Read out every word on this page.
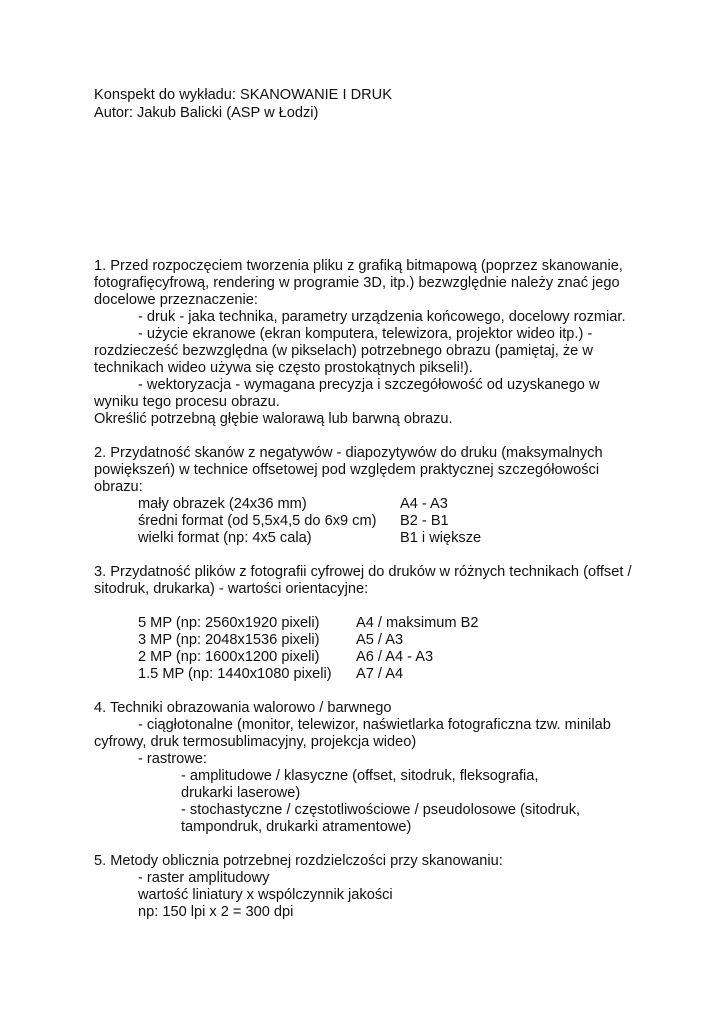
Konspekt do wykładu: SKANOWANIE I DRUK

Autor: Jakub Balicki (ASP w Łodzi)

1. Przed rozpoczęciem tworzenia pliku z grafiką bitmapową (poprzez skanowanie,

fotografięcyfrową, rendering w programie 3D, itp.) bezwzględnie należy znać jego

docelowe przeznaczenie:

- druk - jaka technika, parametry urządzenia końcowego, docelowy rozmiar.

- użycie ekranowe (ekran komputera, telewizora, projektor wideo itp.) -

rozdziecześć bezwzględna (w pikselach) potrzebnego obrazu (pamiętaj, że w

technikach wideo używa się często prostokątnych pikseli!).

- wektoryzacja - wymagana precyzja i szczegółowość od uzyskanego w

wyniku tego procesu obrazu.

Określić potrzebną głębie walorawą lub barwną obrazu.

2. Przydatność skanów z negatywów - diapozytywów do druku (maksymalnych

powiększeń) w technice offsetowej pod względem praktycznej szczegółowości

obrazu:

mały obrazek (24x36 mm)	A4 - A3

średni format (od 5,5x4,5 do 6x9 cm) B2 - B1

wielki format (np: 4x5 cala)	B1 i większe

3. Przydatność plików z fotografii cyfrowej do druków w różnych technikach (offset /

sitodruk, drukarka) - wartości orientacyjne:

5 MP (np: 2560x1920 pixeli)	A4 / maksimum B2

3 MP (np: 2048x1536 pixeli)	A5 / A3

2 MP (np: 1600x1200 pixeli)	A6 / A4 - A3

1.5 MP (np: 1440x1080 pixeli) A7 / A4

4. Techniki obrazowania walorowo / barwnego

- ciągłotonalne (monitor, telewizor, naświetlarka fotograficzna tzw. minilab

cyfrowy, druk termosublimacyjny, projekcja wideo)

- rastrowe:

- amplitudowe / klasyczne (offset, sitodruk, fleksografia,

drukarki laserowe)

- stochastyczne / częstotliwościowe / pseudolosowe (sitodruk,

tampondruk, drukarki atramentowe)

5. Metody oblicznia potrzebnej rozdzielczości przy skanowaniu:

- raster amplitudowy

wartość liniatury x wspólczynnik jakości

np: 150 lpi x 2 = 300 dpi
